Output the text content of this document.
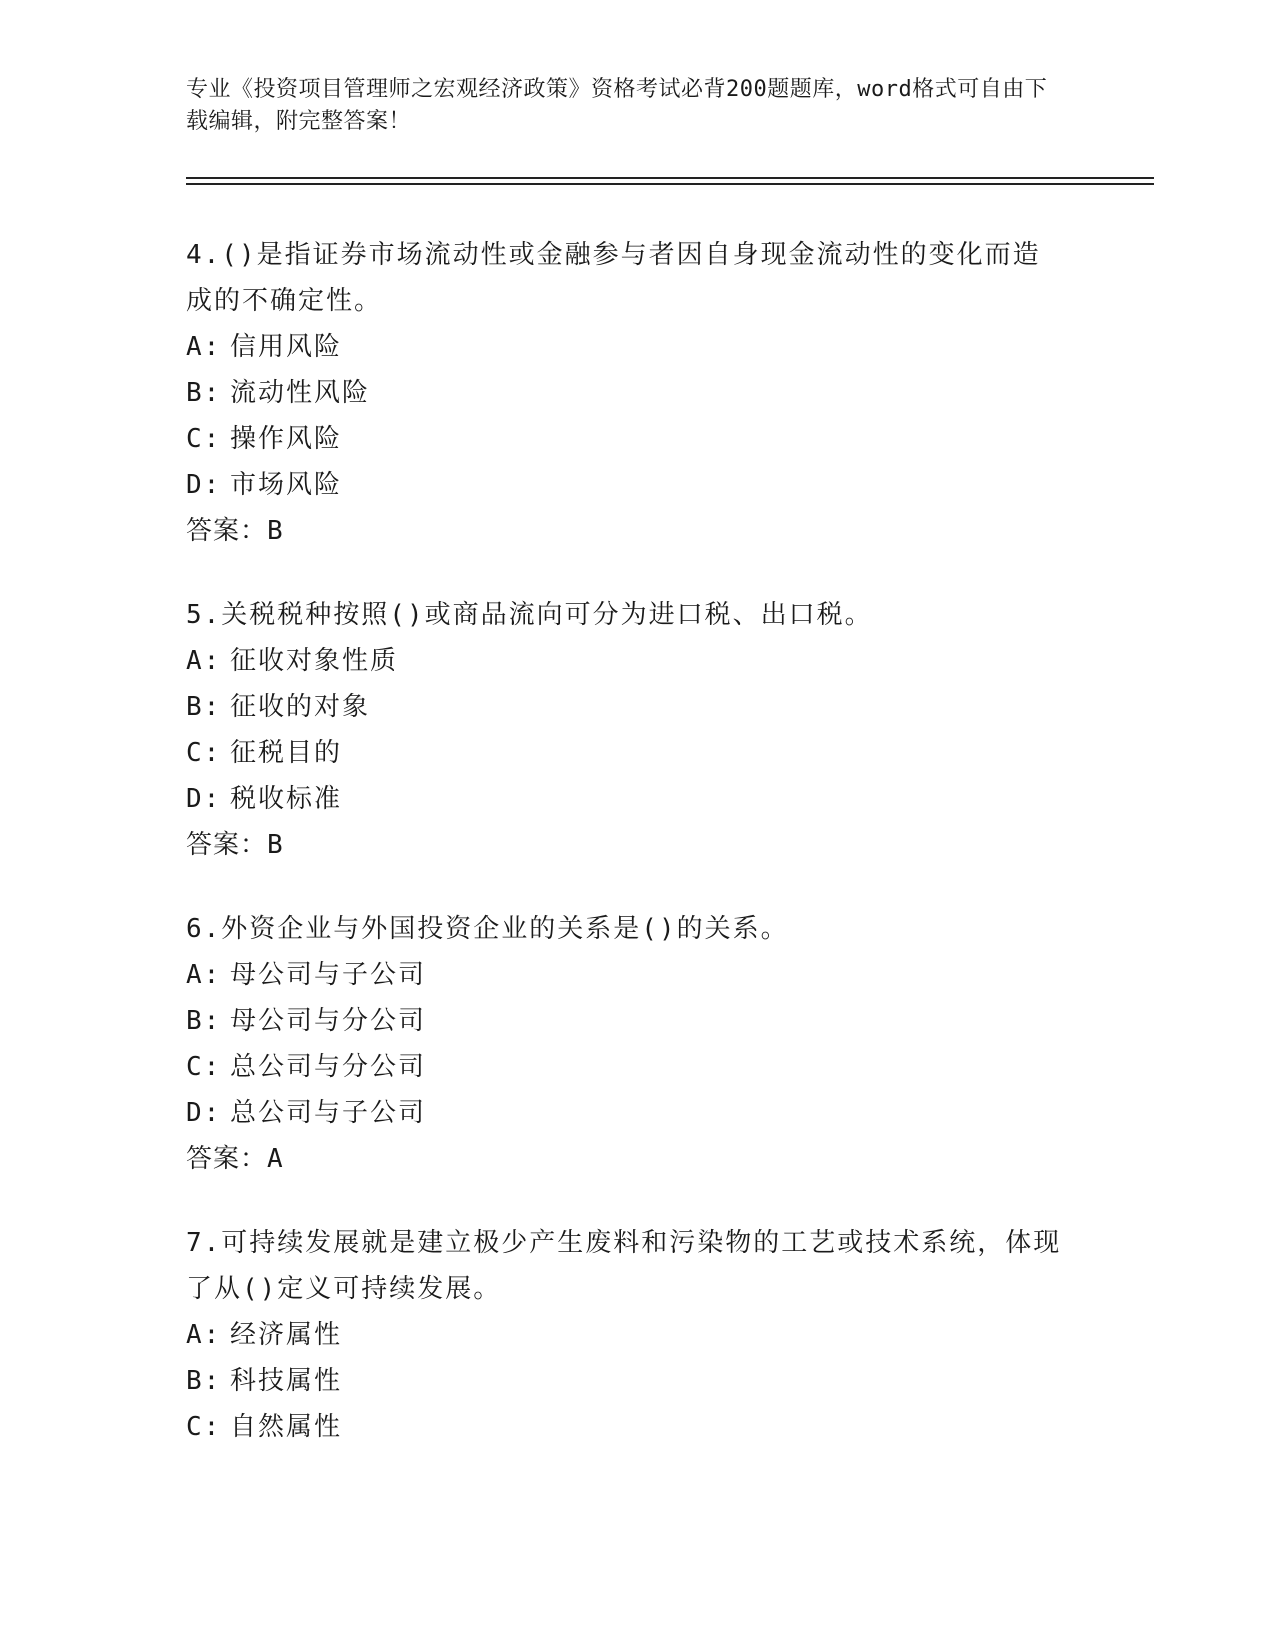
专业《投资项目管理师之宏观经济政策》资格考试必背200题题库，word格式可自由下载编辑，附完整答案！
4.()是指证券市场流动性或金融参与者因自身现金流动性的变化而造成的不确定性。
A: 信用风险
B: 流动性风险
C: 操作风险
D: 市场风险
答案：B
5.关税税种按照()或商品流向可分为进口税、出口税。
A: 征收对象性质
B: 征收的对象
C: 征税目的
D: 税收标准
答案：B
6.外资企业与外国投资企业的关系是()的关系。
A: 母公司与子公司
B: 母公司与分公司
C: 总公司与分公司
D: 总公司与子公司
答案：A
7.可持续发展就是建立极少产生废料和污染物的工艺或技术系统，体现了从()定义可持续发展。
A: 经济属性
B: 科技属性
C: 自然属性
